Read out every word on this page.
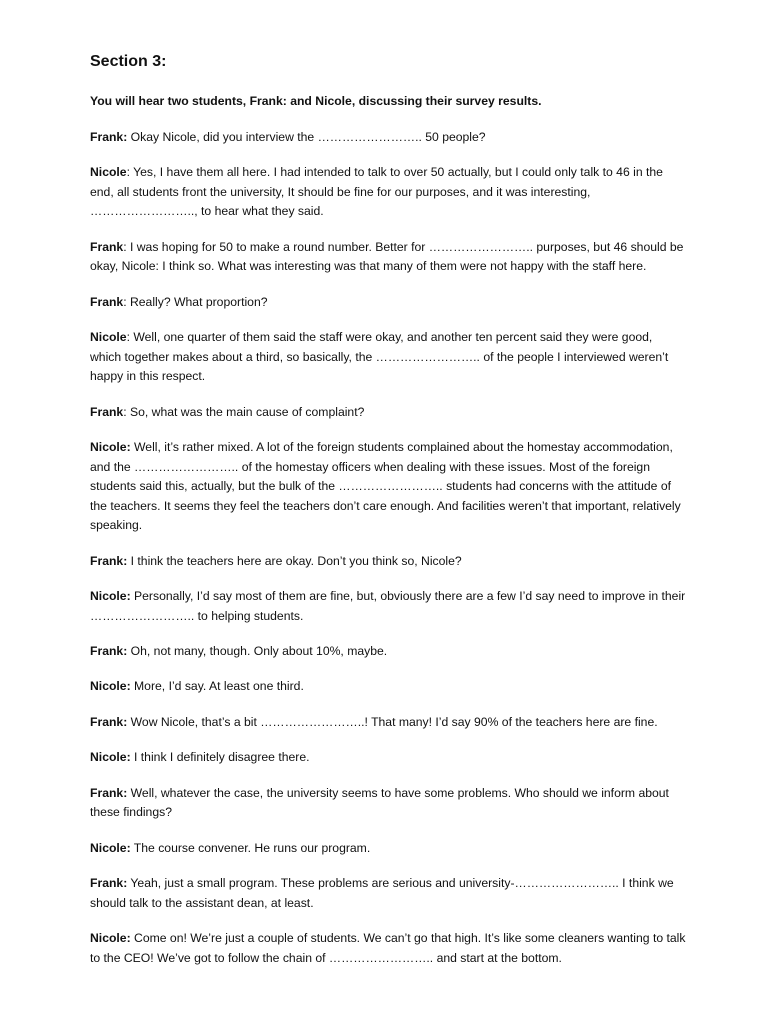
Section 3:

You will hear two students, Frank: and Nicole, discussing their survey results.

Frank: Okay Nicole, did you interview the …………………….. 50 people?

Nicole: Yes, I have them all here. I had intended to talk to over 50 actually, but I could only talk to 46 in the end, all students front the university, It should be fine for our purposes, and it was interesting, …………………….., to hear what they said.

Frank: I was hoping for 50 to make a round number. Better for …………………….. purposes, but 46 should be okay, Nicole: I think so. What was interesting was that many of them were not happy with the staff here.

Frank: Really? What proportion?

Nicole: Well, one quarter of them said the staff were okay, and another ten percent said they were good, which together makes about a third, so basically, the …………………….. of the people I interviewed weren’t happy in this respect.

Frank: So, what was the main cause of complaint?

Nicole: Well, it’s rather mixed. A lot of the foreign students complained about the homestay accommodation, and the …………………….. of the homestay officers when dealing with these issues. Most of the foreign students said this, actually, but the bulk of the …………………….. students had concerns with the attitude of the teachers. It seems they feel the teachers don’t care enough. And facilities weren’t that important, relatively speaking.

Frank: I think the teachers here are okay. Don’t you think so, Nicole?

Nicole: Personally, I’d say most of them are fine, but, obviously there are a few I’d say need to improve in their …………………….. to helping students.

Frank: Oh, not many, though. Only about 10%, maybe.

Nicole: More, I’d say. At least one third.

Frank: Wow Nicole, that’s a bit ……………………..! That many! I’d say 90% of the teachers here are fine.

Nicole: I think I definitely disagree there.

Frank: Well, whatever the case, the university seems to have some problems. Who should we inform about these findings?

Nicole: The course convener. He runs our program.

Frank: Yeah, just a small program. These problems are serious and university-…………………….. I think we should talk to the assistant dean, at least.

Nicole: Come on! We’re just a couple of students. We can’t go that high. It’s like some cleaners wanting to talk to the CEO! We’ve got to follow the chain of …………………….. and start at the bottom.
